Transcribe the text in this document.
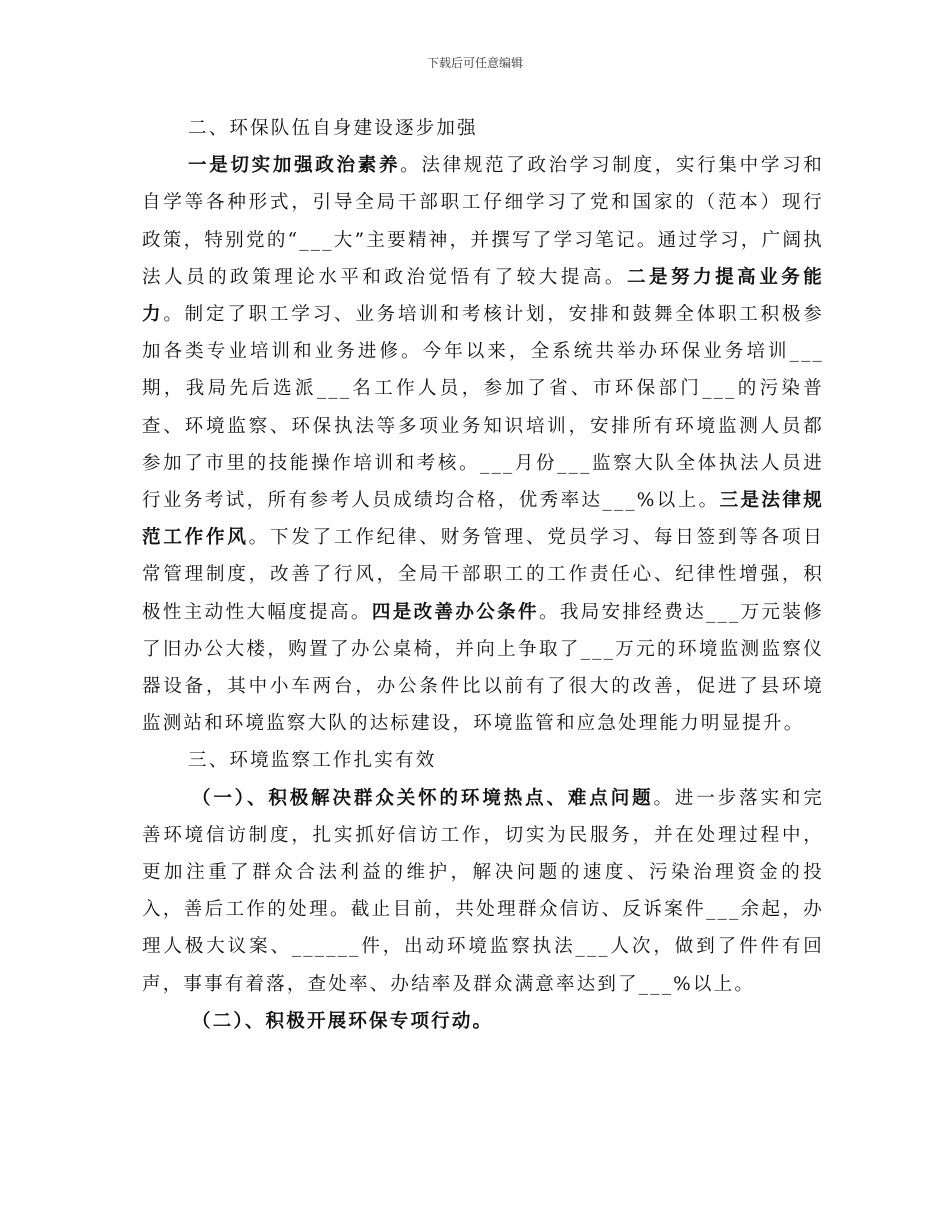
下载后可任意编辑

二、环保队伍自身建设逐步加强

一是切实加强政治素养。法律规范了政治学习制度，实行集中学习和自学等各种形式，引导全局干部职工仔细学习了党和国家的（范本）现行政策，特别党的“___大”主要精神，并撰写了学习笔记。通过学习，广阔执法人员的政策理论水平和政治觉悟有了较大提高。二是努力提高业务能力。制定了职工学习、业务培训和考核计划，安排和鼓舞全体职工积极参加各类专业培训和业务进修。今年以来，全系统共举办环保业务培训___期，我局先后选派___名工作人员，参加了省、市环保部门___的污染普查、环境监察、环保执法等多项业务知识培训，安排所有环境监测人员都参加了市里的技能操作培训和考核。___月份___监察大队全体执法人员进行业务考试，所有参考人员成绩均合格，优秀率达___%以上。三是法律规范工作作风。下发了工作纪律、财务管理、党员学习、每日签到等各项日常管理制度，改善了行风，全局干部职工的工作责任心、纪律性增强，积极性主动性大幅度提高。四是改善办公条件。我局安排经费达___万元装修了旧办公大楼，购置了办公桌椅，并向上争取了___万元的环境监测监察仪器设备，其中小车两台，办公条件比以前有了很大的改善，促进了县环境监测站和环境监察大队的达标建设，环境监管和应急处理能力明显提升。

三、环境监察工作扎实有效

（一）、积极解决群众关怀的环境热点、难点问题。进一步落实和完善环境信访制度，扎实抓好信访工作，切实为民服务，并在处理过程中，更加注重了群众合法利益的维护，解决问题的速度、污染治理资金的投入，善后工作的处理。截止目前，共处理群众信访、反诉案件___余起，办理人极大议案、______件，出动环境监察执法___人次，做到了件件有回声，事事有着落，查处率、办结率及群众满意率达到了___%以上。

（二）、积极开展环保专项行动。
